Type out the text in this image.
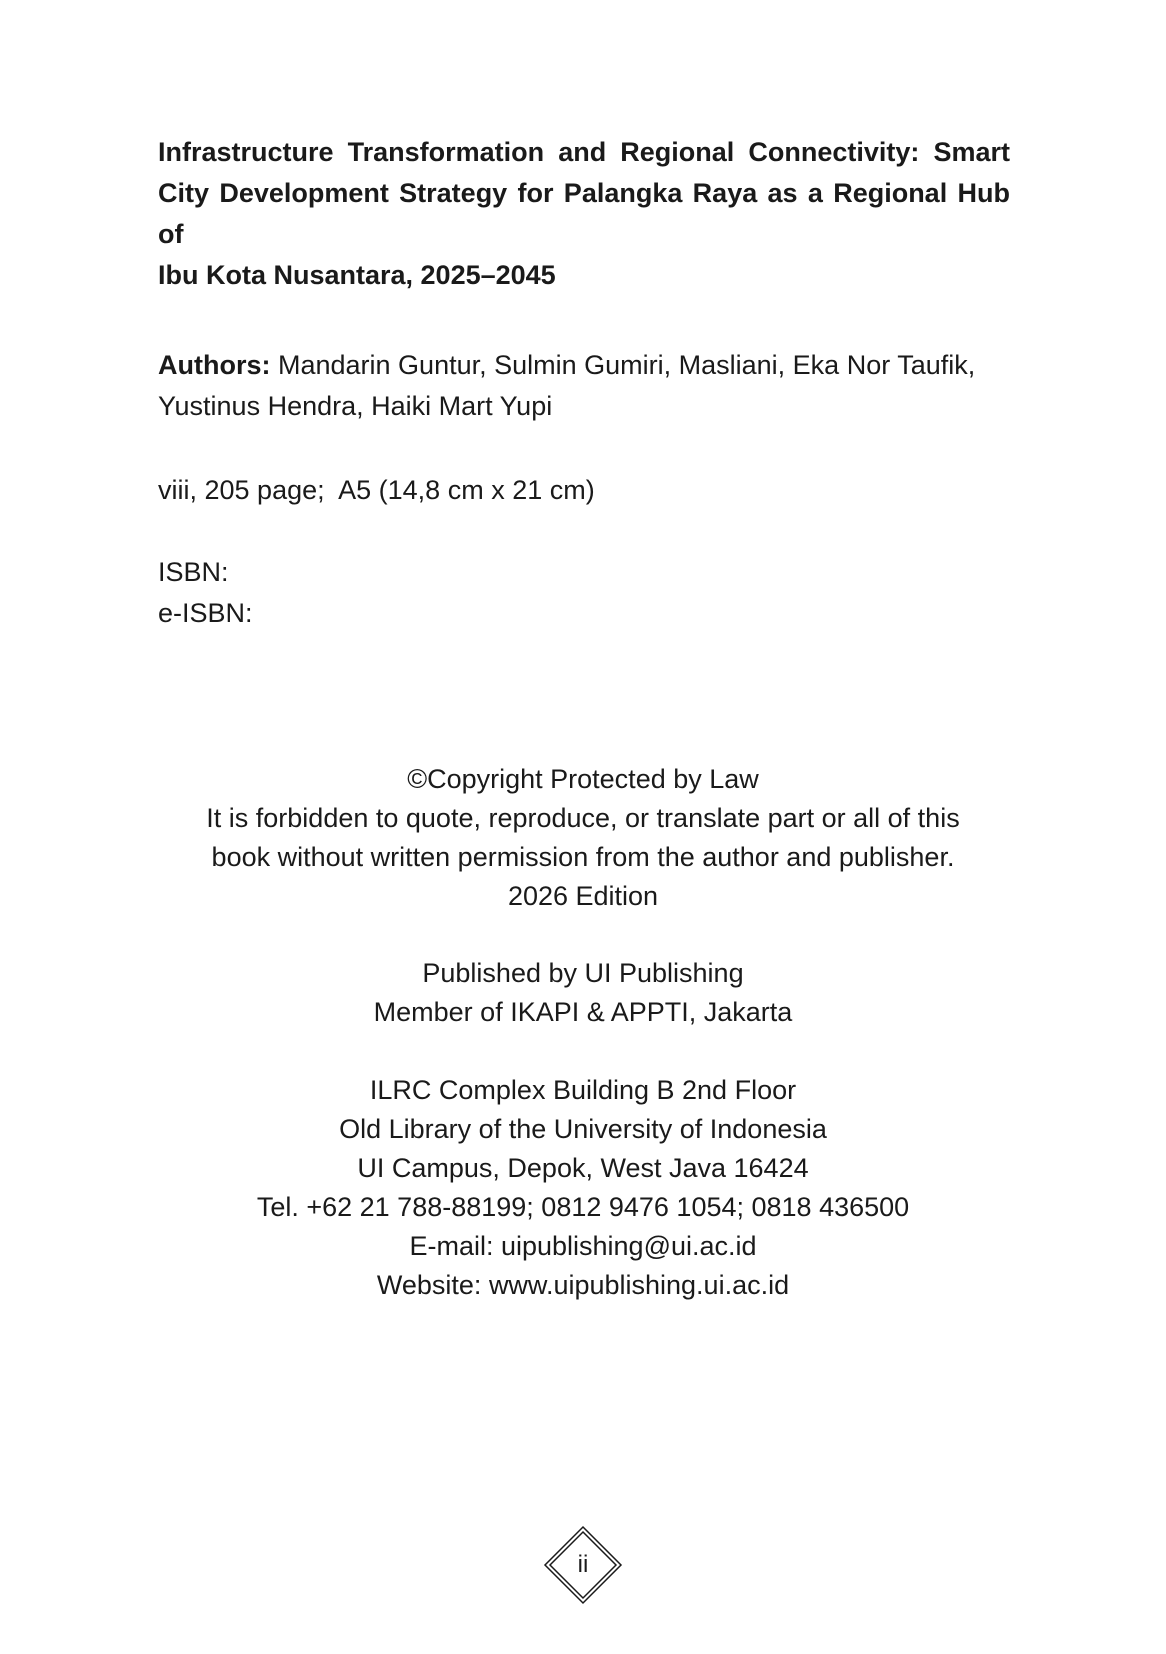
Infrastructure Transformation and Regional Connectivity: Smart
City Development Strategy for Palangka Raya as a Regional Hub of
Ibu Kota Nusantara, 2025–2045

Authors: Mandarin Guntur, Sulmin Gumiri, Masliani, Eka Nor Taufik,
Yustinus Hendra, Haiki Mart Yupi

viii, 205 page;  A5 (14,8 cm x 21 cm)

ISBN:
e-ISBN:
©Copyright Protected by Law
It is forbidden to quote, reproduce, or translate part or all of this
book without written permission from the author and publisher.
2026 Edition
Published by UI Publishing
Member of IKAPI & APPTI, Jakarta
ILRC Complex Building B 2nd Floor
Old Library of the University of Indonesia
UI Campus, Depok, West Java 16424
Tel. +62 21 788-88199; 0812 9476 1054; 0818 436500
E-mail: uipublishing@ui.ac.id
Website: www.uipublishing.ui.ac.id
ii
